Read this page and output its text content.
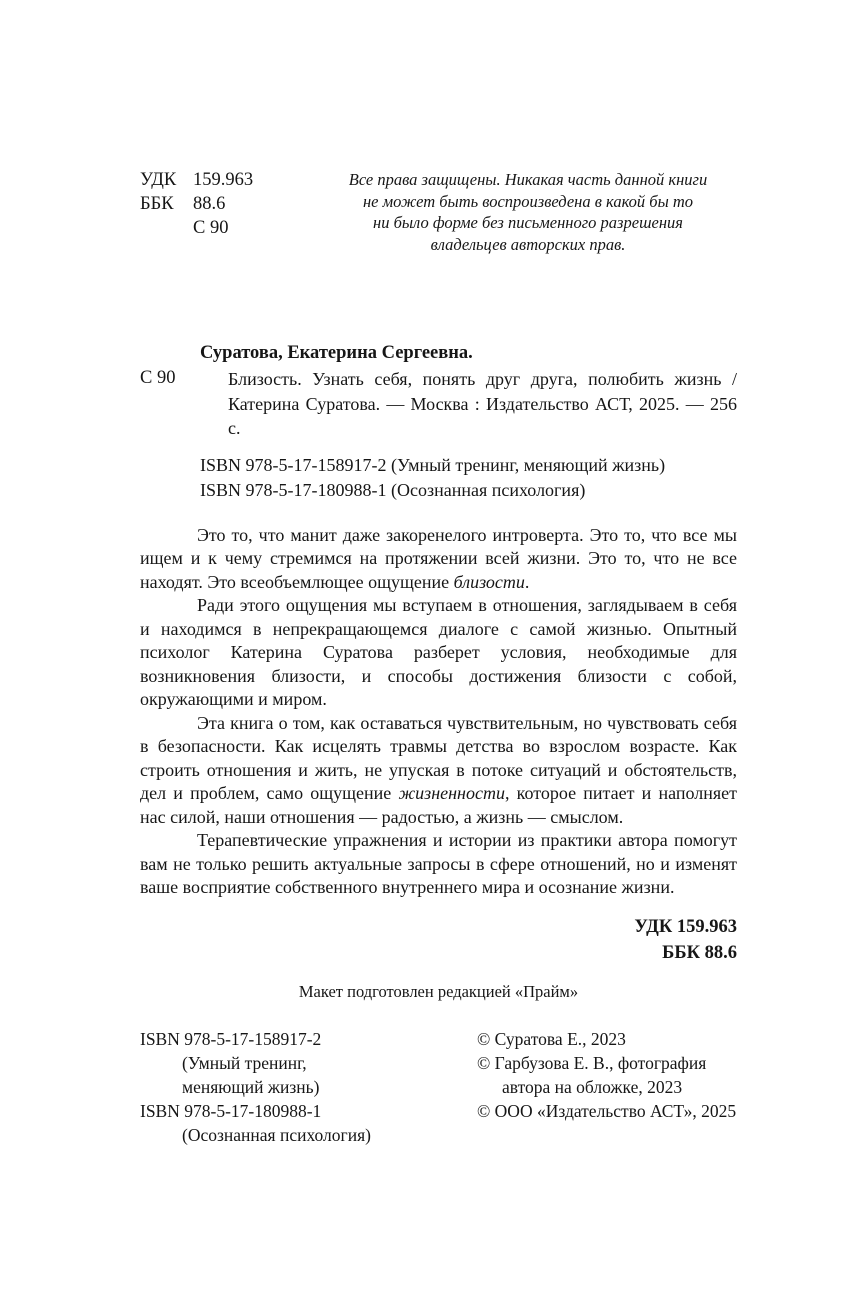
УДК 159.963
ББК	88.6
С 90
Все права защищены. Никакая часть данной книги
не может быть воспроизведена в какой бы то
ни было форме без письменного разрешения
владельцев авторских прав.
Суратова, Екатерина Сергеевна.
С 90	Близость. Узнать себя, понять друг друга, полюбить жизнь / Катерина Суратова. — Москва : Издательство АСТ, 2025. — 256 с.
ISBN 978-5-17-158917-2 (Умный тренинг, меняющий жизнь)
ISBN 978-5-17-180988-1 (Осознанная психология)

Это то, что манит даже закоренелого интроверта. Это то, что все мы ищем и к чему стремимся на протяжении всей жизни. Это то, что не все находят. Это всеобъемлющее ощущение близости.

Ради этого ощущения мы вступаем в отношения, заглядываем в себя и находимся в непрекращающемся диалоге с самой жизнью. Опытный психолог Катерина Суратова разберет условия, необходимые для возникновения близости, и способы достижения близости с собой, окружающими и миром.

Эта книга о том, как оставаться чувствительным, но чувствовать себя в безопасности. Как исцелять травмы детства во взрослом возрасте. Как строить отношения и жить, не упуская в потоке ситуаций и обстоятельств, дел и проблем, само ощущение жизненности, которое питает и наполняет нас силой, наши отношения — радостью, а жизнь — смыслом.

Терапевтические упражнения и истории из практики автора помогут вам не только решить актуальные запросы в сфере отношений, но и изменят ваше восприятие собственного внутреннего мира и осознание жизни.

УДК 159.963
ББК 88.6
Макет подготовлен редакцией «Прайм»
ISBN 978-5-17-158917-2
(Умный тренинг,
меняющий жизнь)
ISBN 978-5-17-180988-1
(Осознанная психология)
© Суратова Е., 2023
© Гарбузова Е. В., фотография
автора на обложке, 2023
© ООО «Издательство АСТ», 2025
